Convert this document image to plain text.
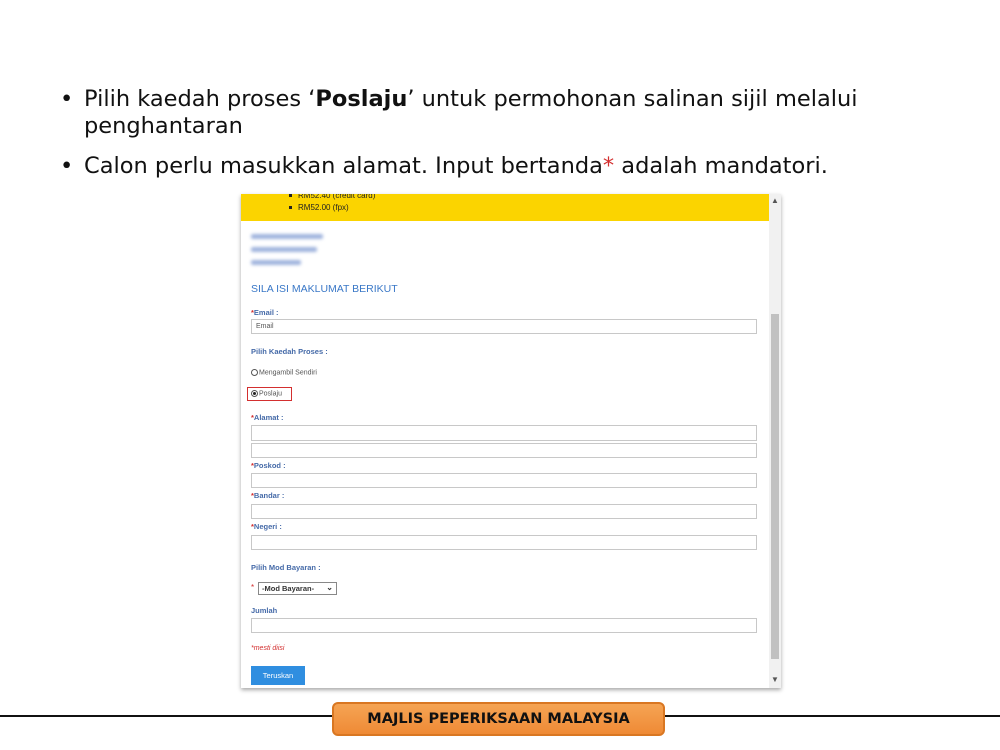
• Pilih kaedah proses ‘Poslaju’ untuk permohonan salinan sijil melalui penghantaran
• Calon perlu masukkan alamat. Input bertanda* adalah mandatori.
RM52.40 (credit card)
RM52.00 (fpx)
SILA ISI MAKLUMAT BERIKUT
*Email :
Email
Pilih Kaedah Proses :
Mengambil Sendiri
Poslaju
*Alamat :
*Poskod :
*Bandar :
*Negeri :
Pilih Mod Bayaran :
*	-Mod Bayaran- ⌄
Jumlah
*mesti diisi
Teruskan
▲
▼
MAJLIS PEPERIKSAAN MALAYSIA
